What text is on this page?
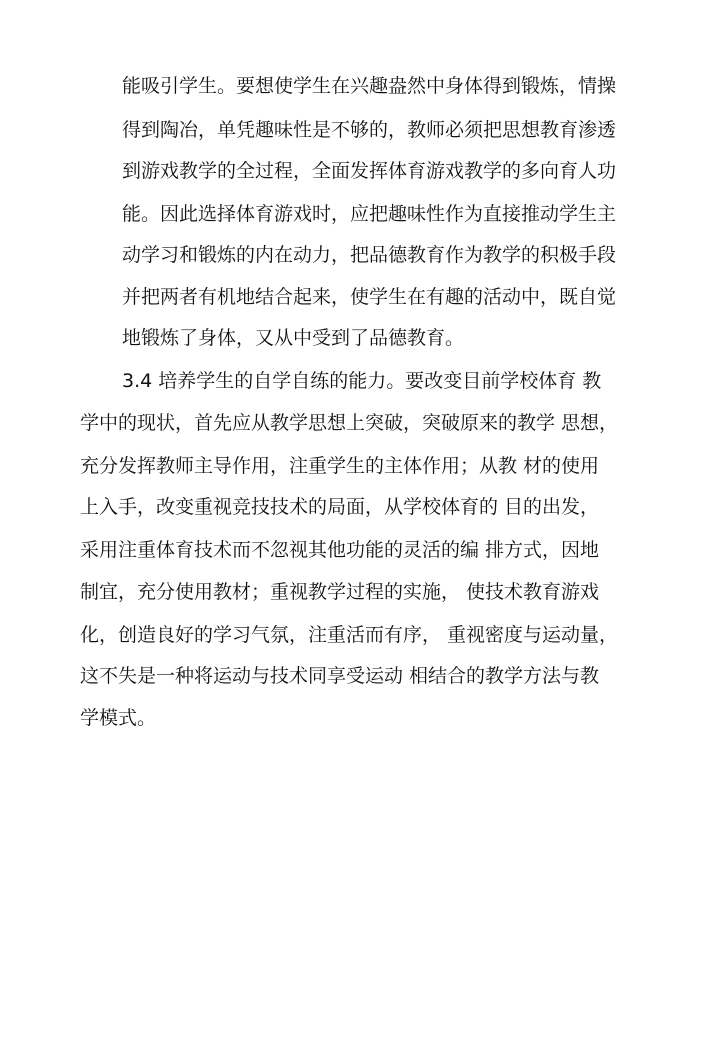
能吸引学生。要想使学生在兴趣盎然中身体得到锻炼，情操
得到陶冶，单凭趣味性是不够的，教师必须把思想教育渗透
到游戏教学的全过程，全面发挥体育游戏教学的多向育人功
能。因此选择体育游戏时，应把趣味性作为直接推动学生主
动学习和锻炼的内在动力，把品德教育作为教学的积极手段
并把两者有机地结合起来，使学生在有趣的活动中，既自觉
地锻炼了身体，又从中受到了品德教育。
3.4 培养学生的自学自练的能力。要改变目前学校体育 教
学中的现状，首先应从教学思想上突破，突破原来的教学 思想，
充分发挥教师主导作用，注重学生的主体作用；从教 材的使用
上入手，改变重视竞技技术的局面，从学校体育的 目的出发，
采用注重体育技术而不忽视其他功能的灵活的编 排方式，因地
制宜，充分使用教材；重视教学过程的实施， 使技术教育游戏
化，创造良好的学习气氛，注重活而有序， 重视密度与运动量，
这不失是一种将运动与技术同享受运动 相结合的教学方法与教
学模式。
